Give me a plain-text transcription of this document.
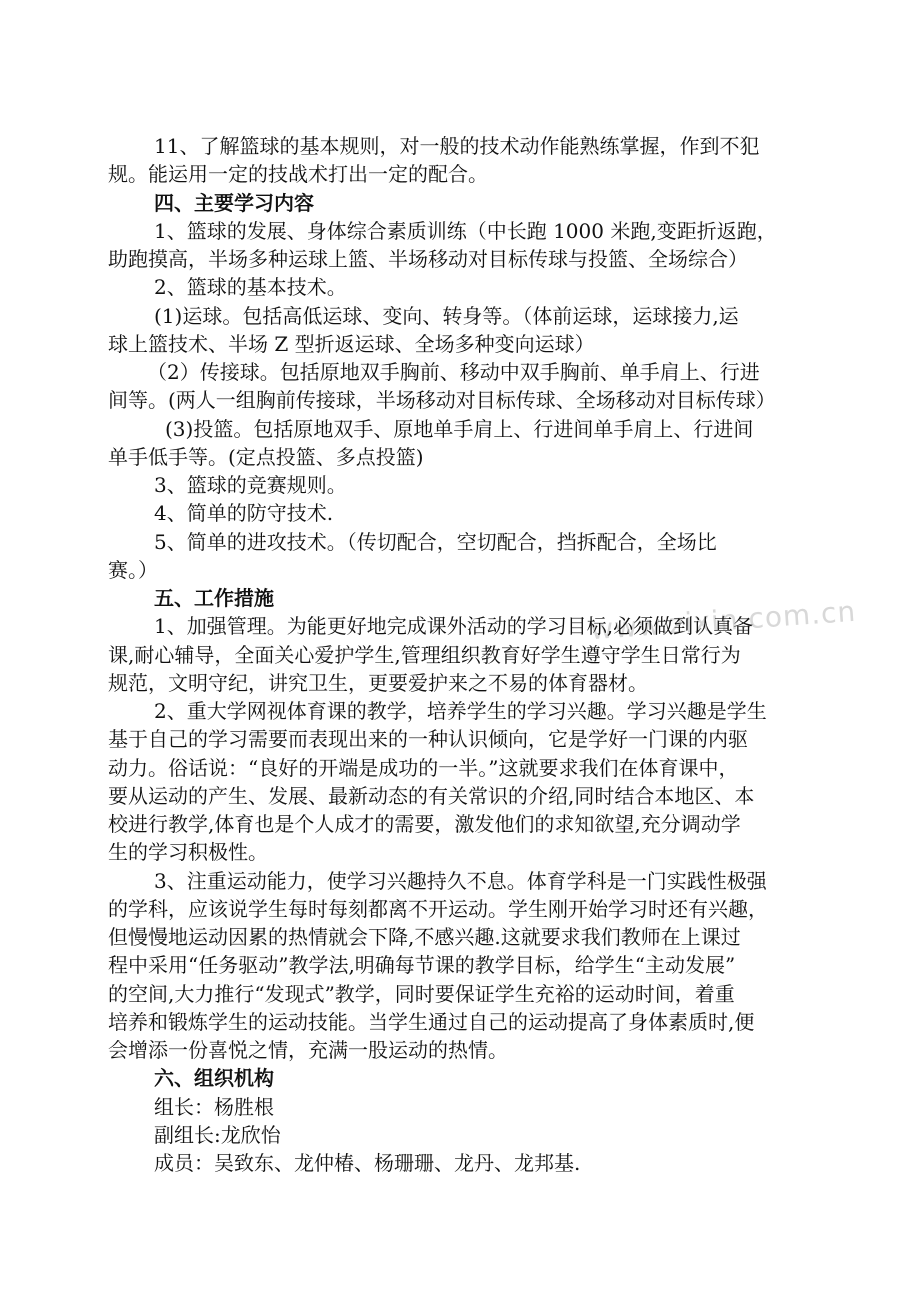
www.zixin.com.cn
11、了解篮球的基本规则，对一般的技术动作能熟练掌握，作到不犯
规。能运用一定的技战术打出一定的配合。
四、主要学习内容
1、篮球的发展、身体综合素质训练（中长跑 1000 米跑,变距折返跑，
助跑摸高，半场多种运球上篮、半场移动对目标传球与投篮、全场综合）
2、篮球的基本技术。
(1)运球。包括高低运球、变向、转身等。（体前运球，运球接力,运
球上篮技术、半场 Z 型折返运球、全场多种变向运球）
（2）传接球。包括原地双手胸前、移动中双手胸前、单手肩上、行进
间等。(两人一组胸前传接球，半场移动对目标传球、全场移动对目标传球）
(3)投篮。包括原地双手、原地单手肩上、行进间单手肩上、行进间
单手低手等。(定点投篮、多点投篮)
3、篮球的竞赛规则。
4、简单的防守技术.
5、简单的进攻技术。（传切配合，空切配合，挡拆配合，全场比
赛。）
五、工作措施
1、加强管理。为能更好地完成课外活动的学习目标,必须做到认真备
课,耐心辅导，全面关心爱护学生,管理组织教育好学生遵守学生日常行为
规范，文明守纪，讲究卫生，更要爱护来之不易的体育器材。
2、重大学网视体育课的教学，培养学生的学习兴趣。学习兴趣是学生
基于自己的学习需要而表现出来的一种认识倾向，它是学好一门课的内驱
动力。俗话说：“良好的开端是成功的一半。”这就要求我们在体育课中，
要从运动的产生、发展、最新动态的有关常识的介绍,同时结合本地区、本
校进行教学,体育也是个人成才的需要，激发他们的求知欲望,充分调动学
生的学习积极性。
3、注重运动能力，使学习兴趣持久不息。体育学科是一门实践性极强
的学科，应该说学生每时每刻都离不开运动。学生刚开始学习时还有兴趣，
但慢慢地运动因累的热情就会下降,不感兴趣.这就要求我们教师在上课过
程中采用“任务驱动”教学法,明确每节课的教学目标，给学生“主动发展”
的空间,大力推行“发现式”教学，同时要保证学生充裕的运动时间，着重
培养和锻炼学生的运动技能。当学生通过自己的运动提高了身体素质时,便
会增添一份喜悦之情，充满一股运动的热情。
六、组织机构
组长：杨胜根
副组长:龙欣怡
成员：吴致东、龙仲椿、杨珊珊、龙丹、龙邦基.
